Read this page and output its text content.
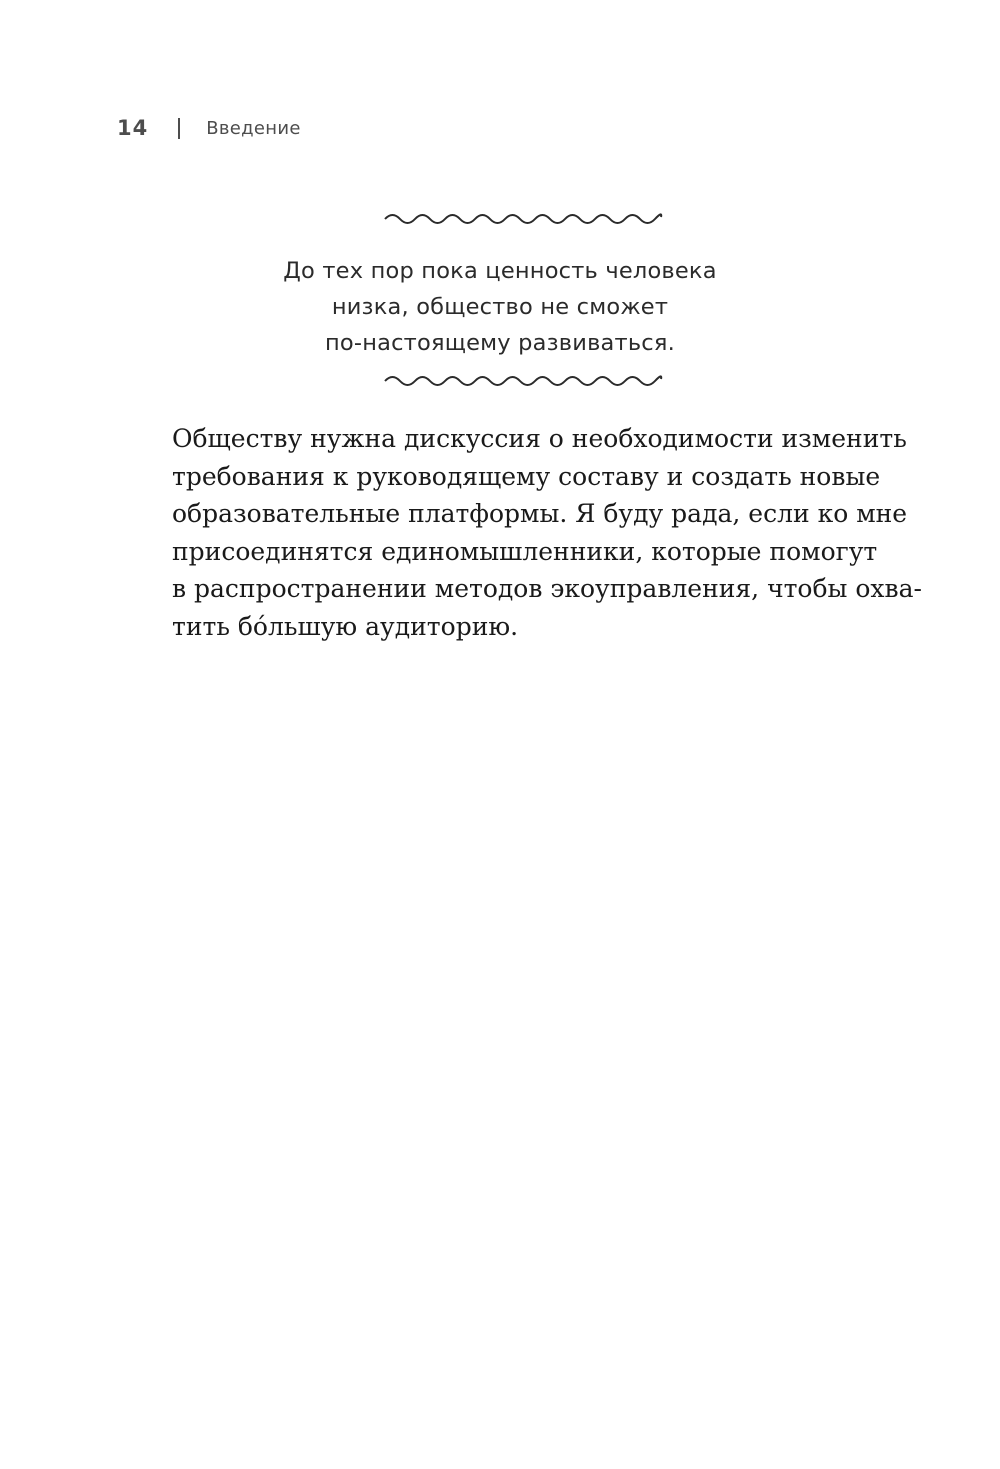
14	Введение
До тех пор пока ценность человека
низка, общество не сможет
по-настоящему развиваться.
Обществу нужна дискуссия о необходимости изменить
требования к руководящему составу и создать новые
образовательные платформы. Я буду рада, если ко мне
присоединятся единомышленники, которые помогут
в распространении методов экоуправления, чтобы охва-
тить бóльшую аудиторию.
